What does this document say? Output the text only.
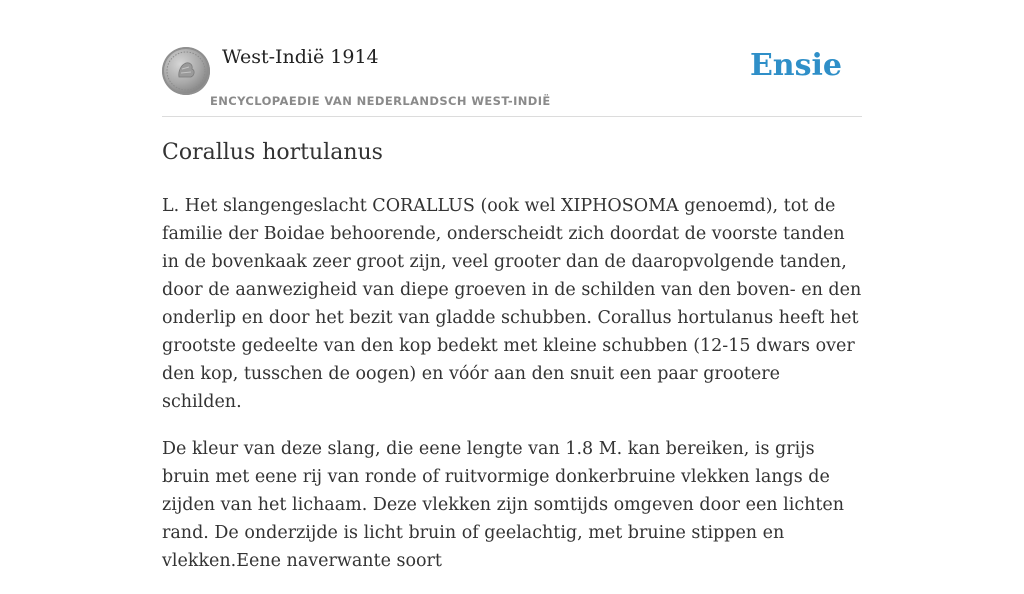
West-Indië 1914
ENCYCLOPAEDIE VAN NEDERLANDSCH WEST-INDIË
Ensie
Corallus hortulanus

L. Het slangengeslacht CORALLUS (ook wel XIPHOSOMA genoemd), tot de familie der Boidae behoorende, onderscheidt zich doordat de voorste tanden in de bovenkaak zeer groot zijn, veel grooter dan de daaropvolgende tanden, door de aanwezigheid van diepe groeven in de schilden van den boven- en den onderlip en door het bezit van gladde schubben. Corallus hortulanus heeft het grootste gedeelte van den kop bedekt met kleine schubben (12-15 dwars over den kop, tusschen de oogen) en vóór aan den snuit een paar grootere schilden.

De kleur van deze slang, die eene lengte van 1.8 M. kan bereiken, is grijs bruin met eene rij van ronde of ruitvormige donkerbruine vlekken langs de zijden van het lichaam. Deze vlekken zijn somtijds omgeven door een lichten rand. De onderzijde is licht bruin of geelachtig, met bruine stippen en vlekken.Eene naverwante soort
